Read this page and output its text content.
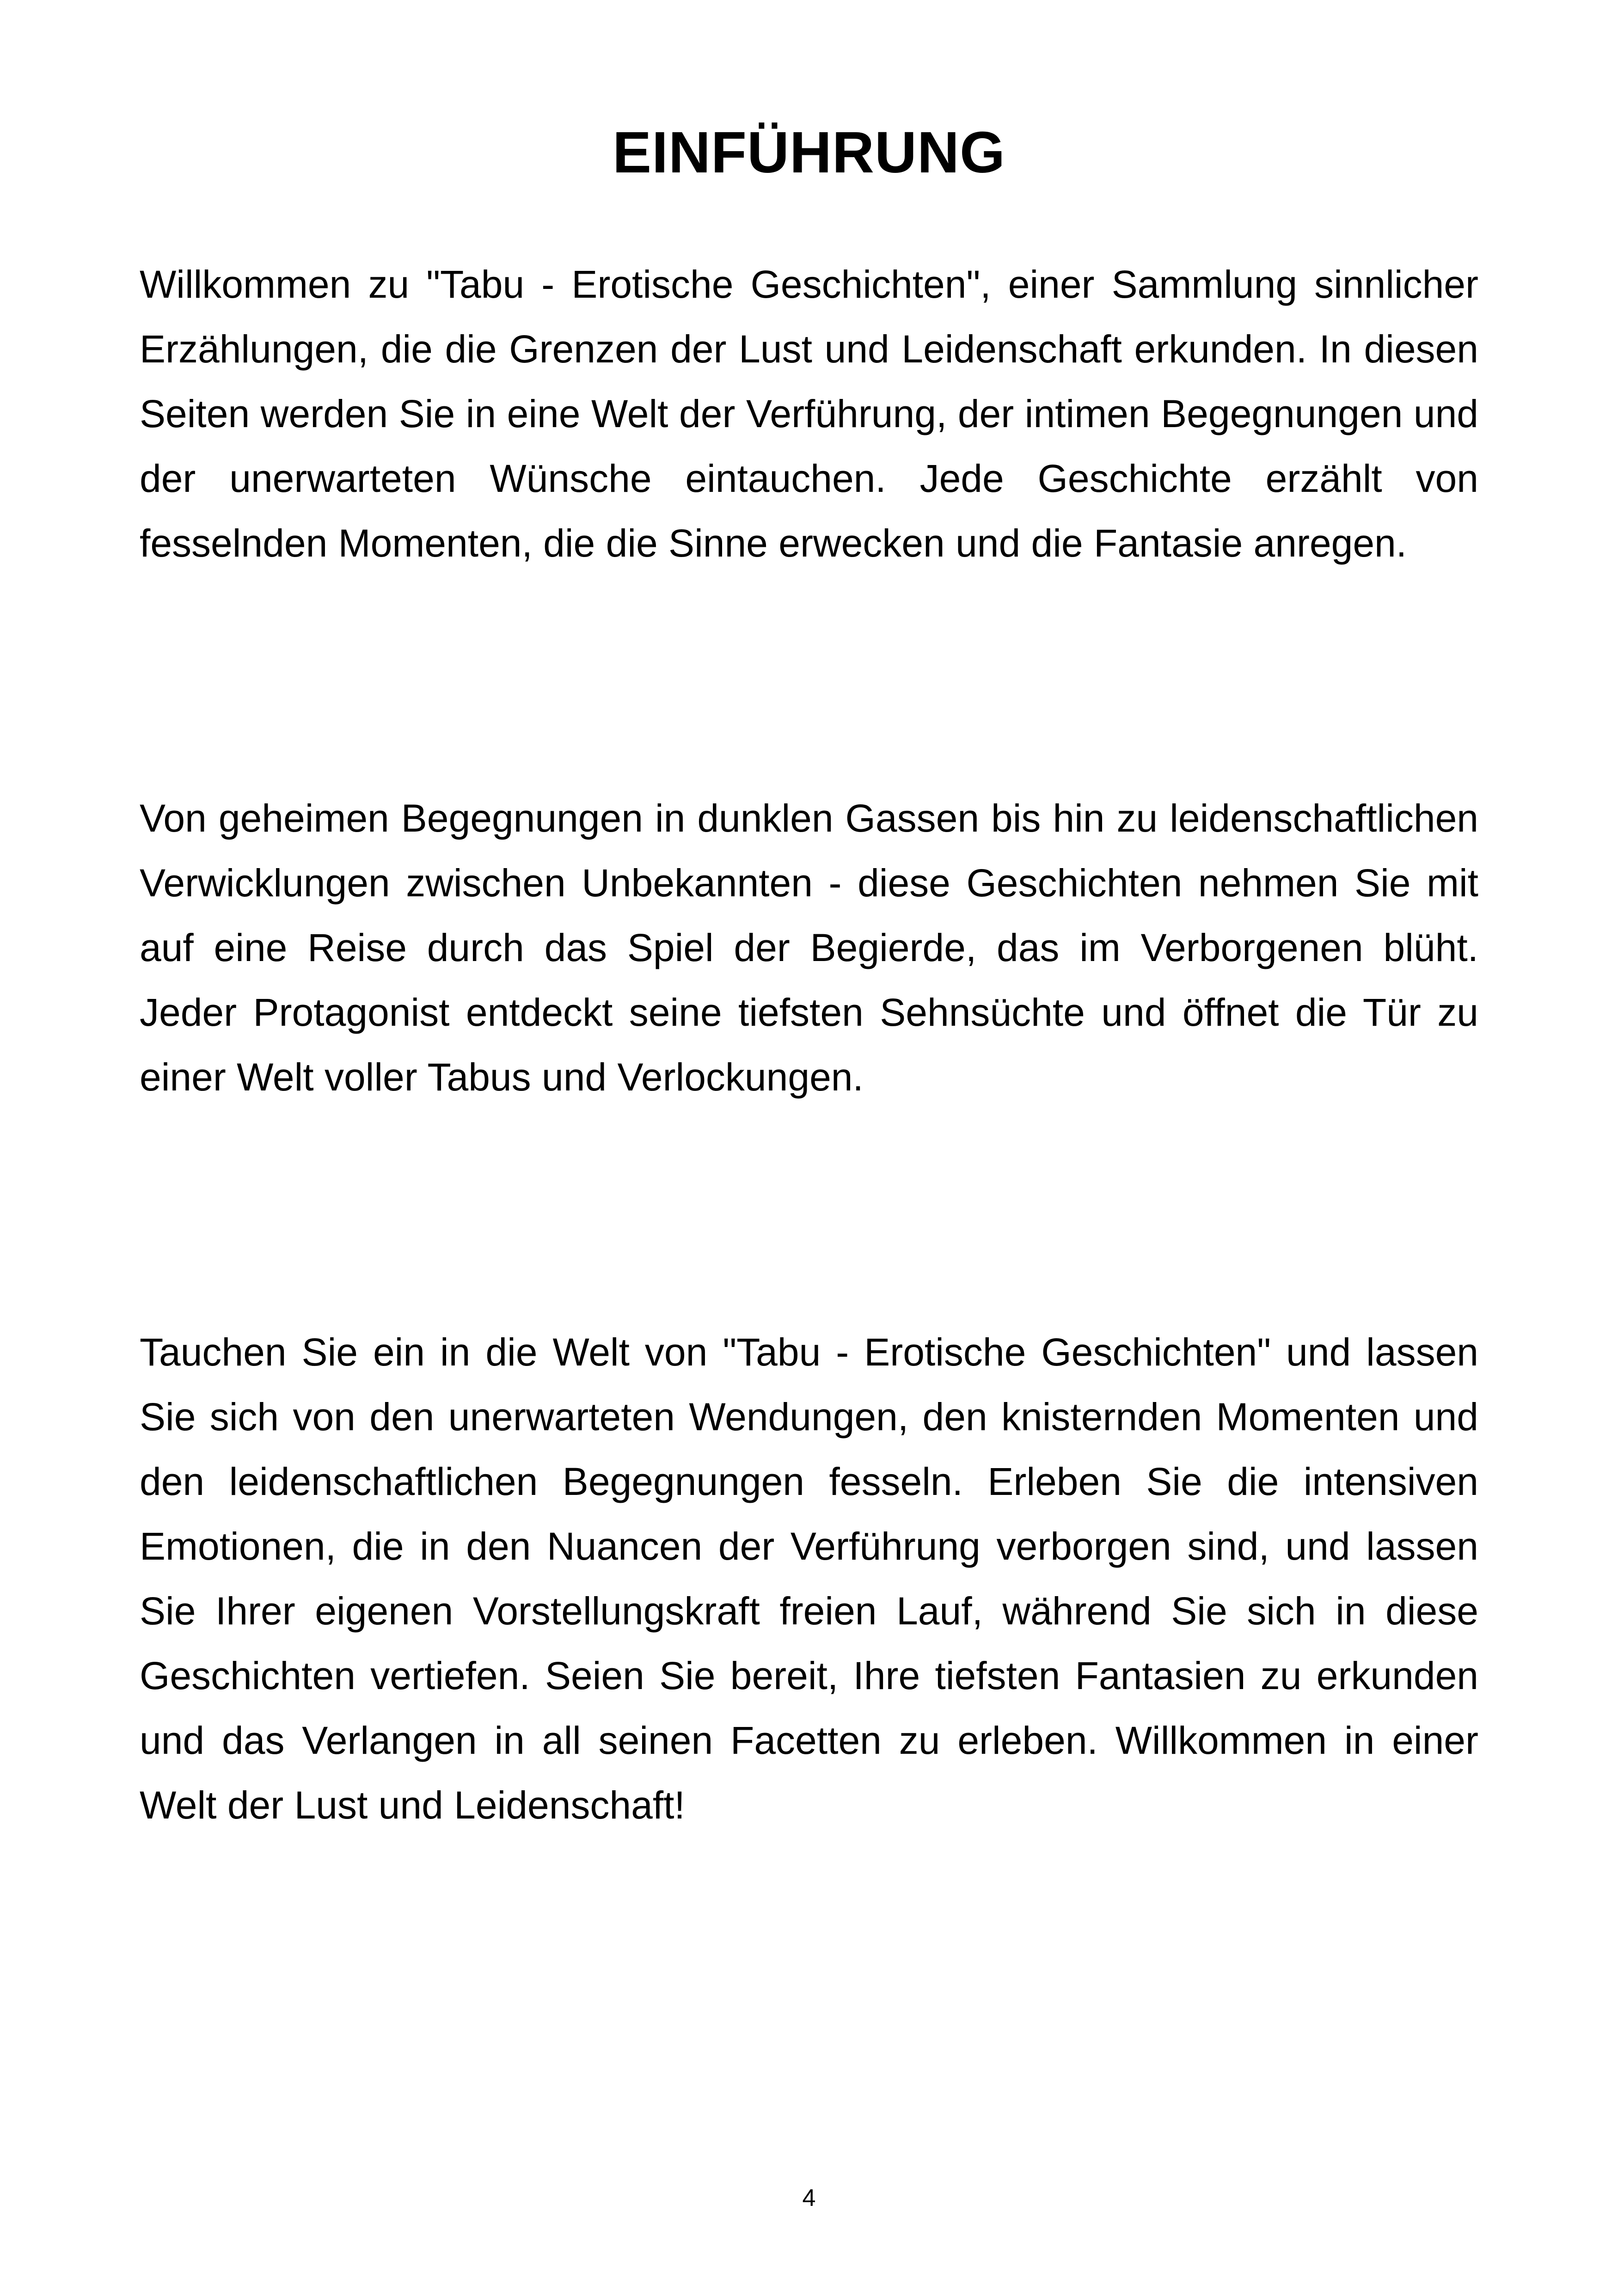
EINFÜHRUNG

Willkommen zu "Tabu - Erotische Geschichten", einer Sammlung sinnlicher Erzählungen, die die Grenzen der Lust und Leidenschaft erkunden. In diesen Seiten werden Sie in eine Welt der Verführung, der intimen Begegnungen und der unerwarteten Wünsche eintauchen. Jede Geschichte erzählt von fesselnden Momenten, die die Sinne erwecken und die Fantasie anregen.

Von geheimen Begegnungen in dunklen Gassen bis hin zu leidenschaftlichen Verwicklungen zwischen Unbekannten - diese Geschichten nehmen Sie mit auf eine Reise durch das Spiel der Begierde, das im Verborgenen blüht. Jeder Protagonist entdeckt seine tiefsten Sehnsüchte und öffnet die Tür zu einer Welt voller Tabus und Verlockungen.

Tauchen Sie ein in die Welt von "Tabu - Erotische Geschichten" und lassen Sie sich von den unerwarteten Wendungen, den knisternden Momenten und den leidenschaftlichen Begegnungen fesseln. Erleben Sie die intensiven Emotionen, die in den Nuancen der Verführung verborgen sind, und lassen Sie Ihrer eigenen Vorstellungskraft freien Lauf, während Sie sich in diese Geschichten vertiefen. Seien Sie bereit, Ihre tiefsten Fantasien zu erkunden und das Verlangen in all seinen Facetten zu erleben. Willkommen in einer Welt der Lust und Leidenschaft!

4
